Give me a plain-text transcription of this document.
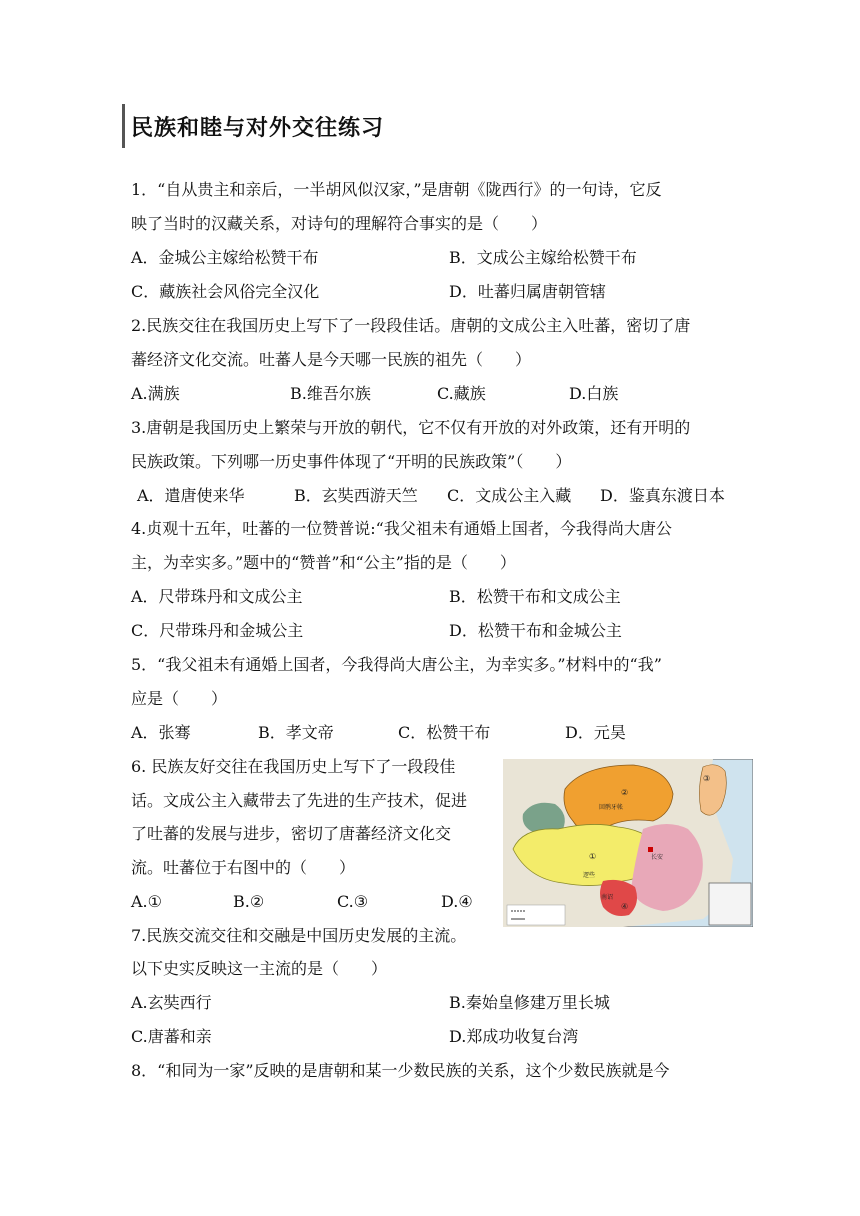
民族和睦与对外交往练习
1．“自从贵主和亲后，一半胡风似汉家，”是唐朝《陇西行》的一句诗，它反
映了当时的汉藏关系，对诗句的理解符合事实的是（　　）
A．金城公主嫁给松赞干布	B．文成公主嫁给松赞干布
C．藏族社会风俗完全汉化	D．吐蕃归属唐朝管辖
2.民族交往在我国历史上写下了一段段佳话。唐朝的文成公主入吐蕃，密切了唐
蕃经济文化交流。吐蕃人是今天哪一民族的祖先（　　）
A.满族	B.维吾尔族	C.藏族	D.白族
3.唐朝是我国历史上繁荣与开放的朝代，它不仅有开放的对外政策，还有开明的
民族政策。下列哪一历史事件体现了“开明的民族政策”（　　）
A．遣唐使来华	B．玄奘西游天竺 C．文成公主入藏 D．鉴真东渡日本
4.贞观十五年，吐蕃的一位赞普说:“我父祖未有通婚上国者，今我得尚大唐公
主，为幸实多。”题中的“赞普”和“公主”指的是（　　）
A．尺带珠丹和文成公主	B．松赞干布和文成公主
C．尺带珠丹和金城公主	D．松赞干布和金城公主
5．“我父祖未有通婚上国者，今我得尚大唐公主，为幸实多。”材料中的“我”
应是（　　）
A．张骞	B．孝文帝	C．松赞干布	D．元昊
6. 民族友好交往在我国历史上写下了一段段佳
话。文成公主入藏带去了先进的生产技术，促进
了吐蕃的发展与进步，密切了唐蕃经济文化交
流。吐蕃位于右图中的（　　）
A.①	B.②	C.③	D.④
②
回鹘牙帐
①
逻些
长安
南诏
④
③
7.民族交流交往和交融是中国历史发展的主流。
以下史实反映这一主流的是（　　）
A.玄奘西行	B.秦始皇修建万里长城
C.唐蕃和亲	D.郑成功收复台湾
8．“和同为一家”反映的是唐朝和某一少数民族的关系，这个少数民族就是今
